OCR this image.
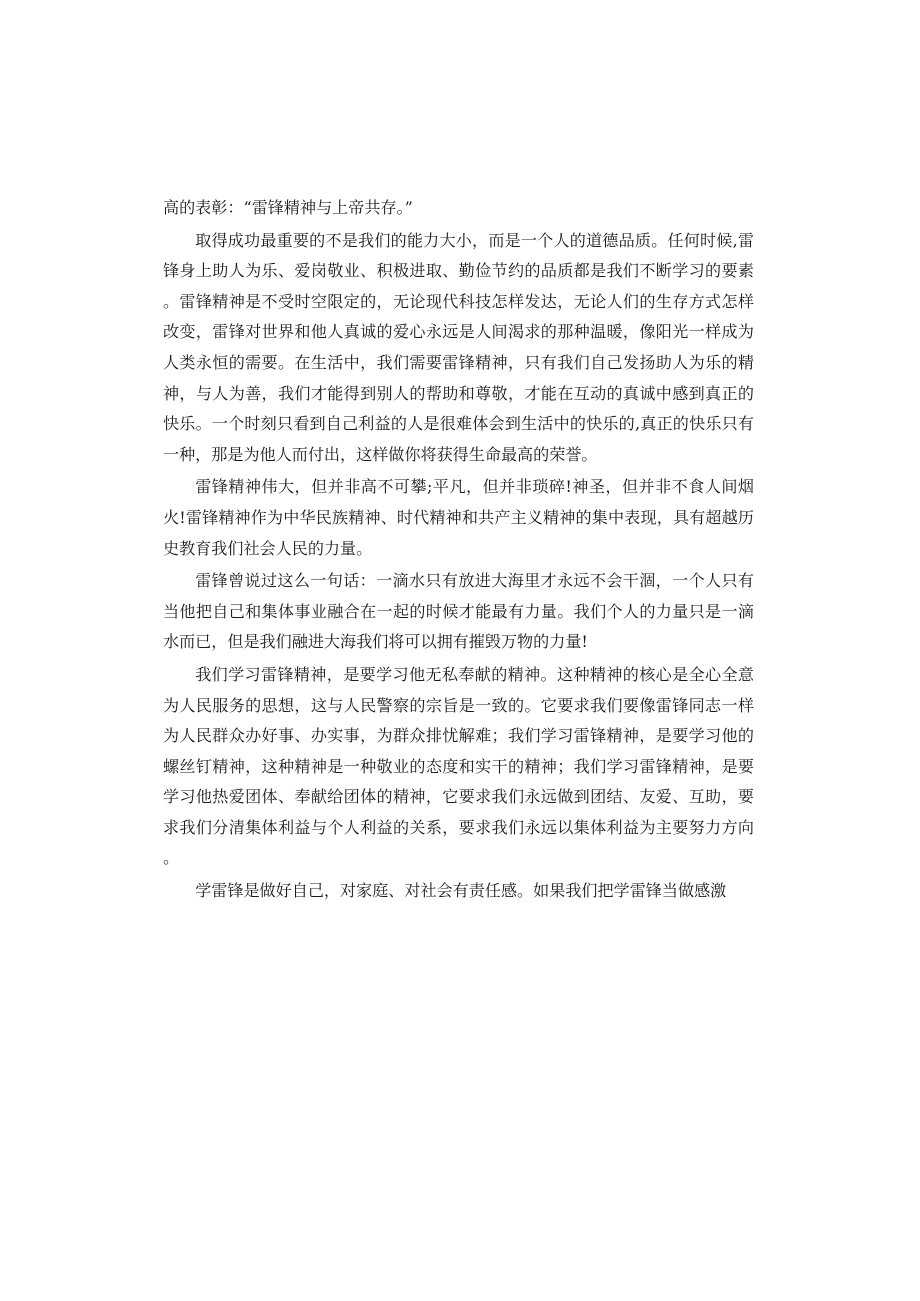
高的表彰：“雷锋精神与上帝共存。”

取得成功最重要的不是我们的能力大小，而是一个人的道德品质。任何时候,雷锋身上助人为乐、爱岗敬业、积极进取、勤俭节约的品质都是我们不断学习的要素。雷锋精神是不受时空限定的，无论现代科技怎样发达，无论人们的生存方式怎样改变，雷锋对世界和他人真诚的爱心永远是人间渴求的那种温暖，像阳光一样成为人类永恒的需要。在生活中，我们需要雷锋精神，只有我们自己发扬助人为乐的精神，与人为善，我们才能得到别人的帮助和尊敬，才能在互动的真诚中感到真正的快乐。一个时刻只看到自己利益的人是很难体会到生活中的快乐的,真正的快乐只有一种，那是为他人而付出，这样做你将获得生命最高的荣誉。

雷锋精神伟大，但并非高不可攀;平凡，但并非琐碎!神圣，但并非不食人间烟火!雷锋精神作为中华民族精神、时代精神和共产主义精神的集中表现，具有超越历史教育我们社会人民的力量。

雷锋曾说过这么一句话：一滴水只有放进大海里才永远不会干涸，一个人只有当他把自己和集体事业融合在一起的时候才能最有力量。我们个人的力量只是一滴水而已，但是我们融进大海我们将可以拥有摧毁万物的力量!

我们学习雷锋精神，是要学习他无私奉献的精神。这种精神的核心是全心全意为人民服务的思想，这与人民警察的宗旨是一致的。它要求我们要像雷锋同志一样为人民群众办好事、办实事，为群众排忧解难；我们学习雷锋精神，是要学习他的螺丝钉精神，这种精神是一种敬业的态度和实干的精神；我们学习雷锋精神，是要学习他热爱团体、奉献给团体的精神，它要求我们永远做到团结、友爱、互助，要求我们分清集体利益与个人利益的关系，要求我们永远以集体利益为主要努力方向。

学雷锋是做好自己，对家庭、对社会有责任感。如果我们把学雷锋当做感激
